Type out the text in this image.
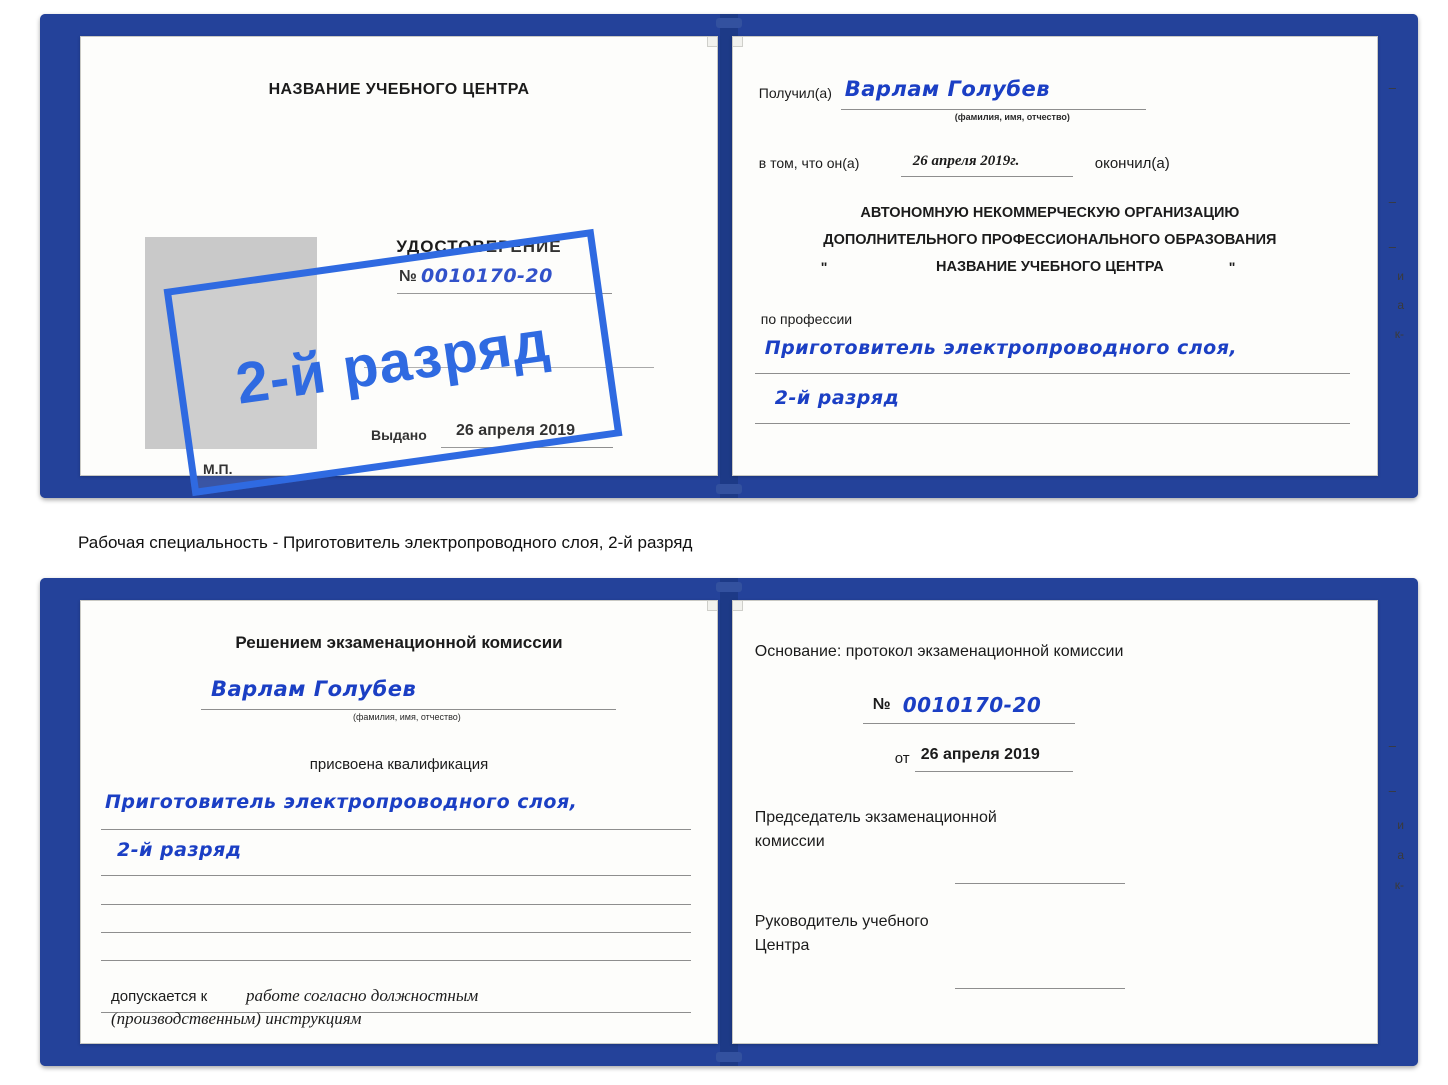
НАЗВАНИЕ УЧЕБНОГО ЦЕНТРА
УДОСТОВЕРЕНИЕ
№ 0010170-20
Выдано 26 апреля 2019
М.П.
Получил(а) Варлам Голубев
(фамилия, имя, отчество)
в том, что он(а)	26 апреля 2019г.	окончил(а)
АВТОНОМНУЮ НЕКОММЕРЧЕСКУЮ ОРГАНИЗАЦИЮ
ДОПОЛНИТЕЛЬНОГО ПРОФЕССИОНАЛЬНОГО ОБРАЗОВАНИЯ
"	НАЗВАНИЕ УЧЕБНОГО ЦЕНТРА	"
по профессии
Приготовитель электропроводного слоя,
2-й разряд
–
–
и
а
к-
–
2-й разряд
Рабочая специальность - Приготовитель электропроводного слоя, 2-й разряд
Решением экзаменационной комиссии
Варлам Голубев
(фамилия, имя, отчество)
присвоена квалификация
Приготовитель электропроводного слоя,
2-й разряд
допускается к работе согласно должностным
(производственным) инструкциям
Основание: протокол экзаменационной комиссии
№ 0010170-20
от 26 апреля 2019
Председатель экзаменационной
комиссии
Руководитель учебного
Центра
–
–
и
а
к-
